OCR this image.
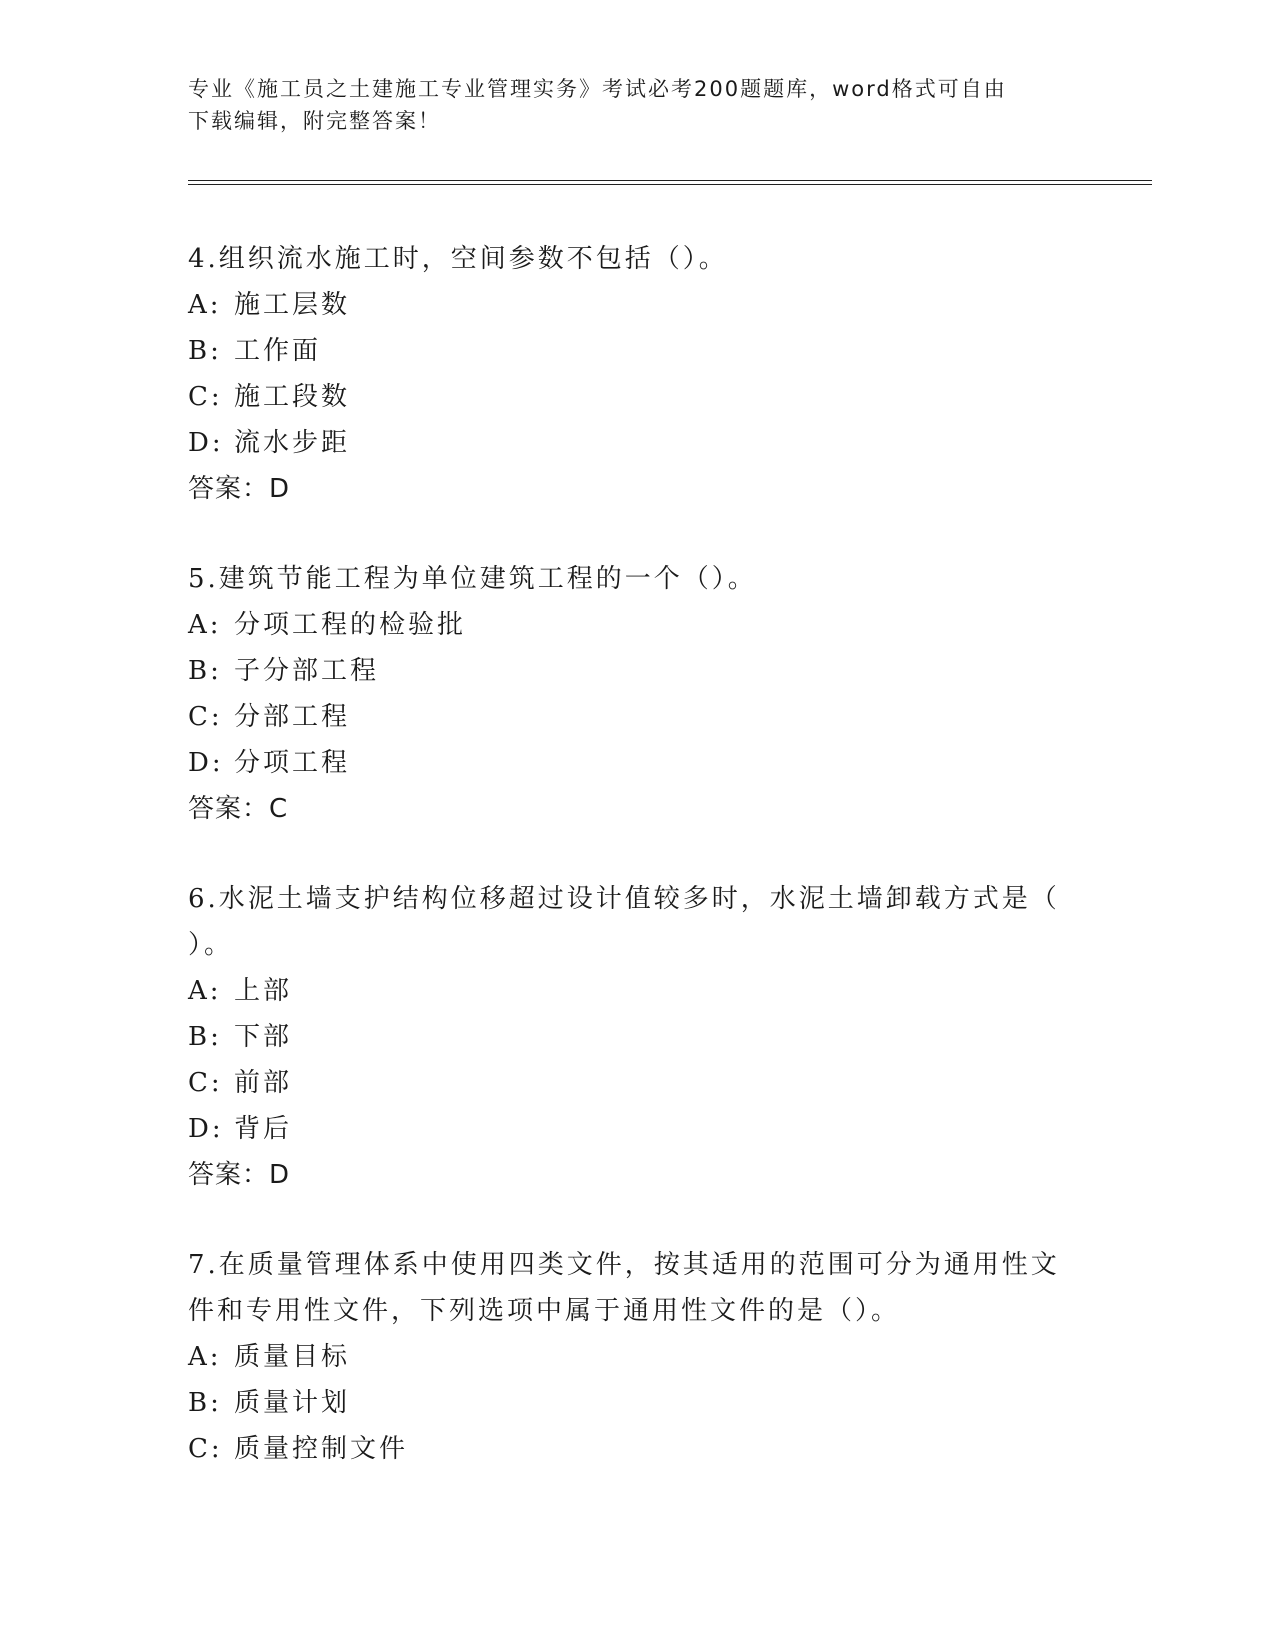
专业《施工员之土建施工专业管理实务》考试必考200题题库，word格式可自由
下载编辑，附完整答案！
4.组织流水施工时，空间参数不包括（）。
A: 施工层数
B: 工作面
C: 施工段数
D: 流水步距
答案：D
5.建筑节能工程为单位建筑工程的一个（）。
A: 分项工程的检验批
B: 子分部工程
C: 分部工程
D: 分项工程
答案：C
6.水泥土墙支护结构位移超过设计值较多时，水泥土墙卸载方式是（ ）。
A: 上部
B: 下部
C: 前部
D: 背后
答案：D
7.在质量管理体系中使用四类文件，按其适用的范围可分为通用性文件和专用性文件，下列选项中属于通用性文件的是（）。
A: 质量目标
B: 质量计划
C: 质量控制文件
